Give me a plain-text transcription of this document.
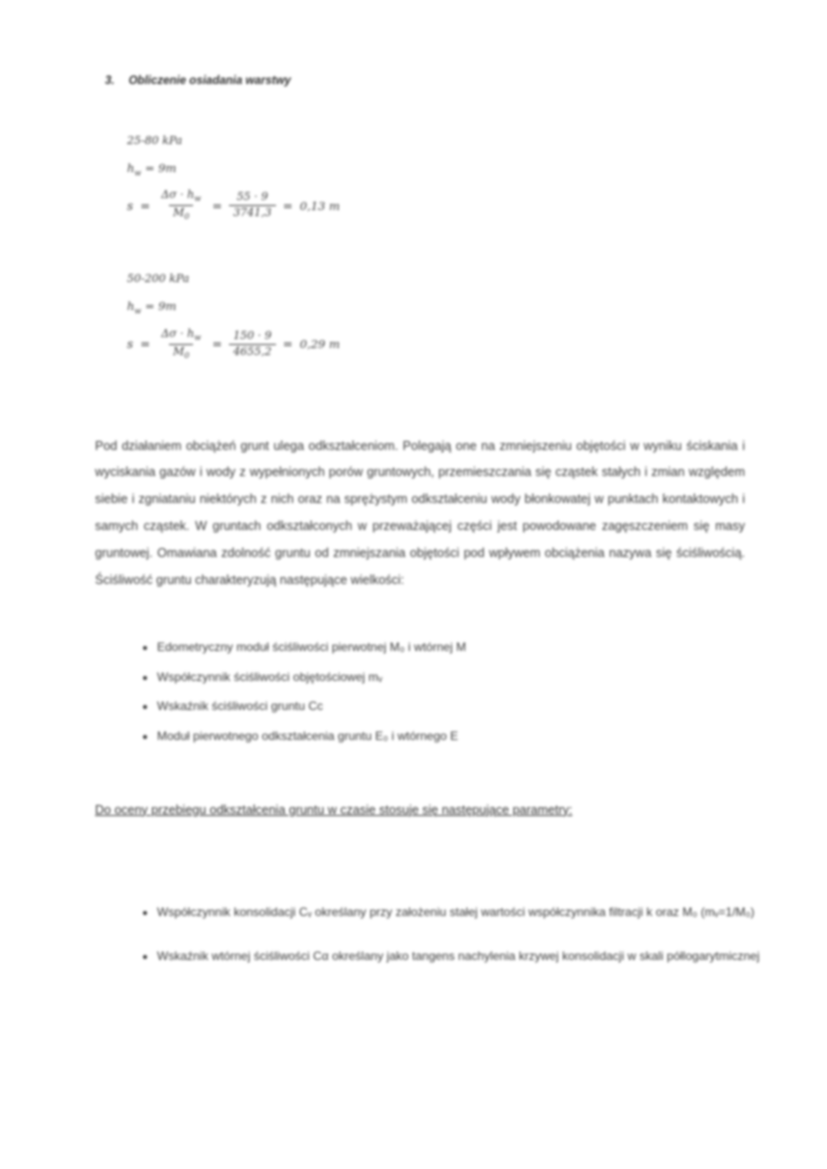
3. Obliczenie osiadania warstwy
25-80 kPa
$h_w = 9m$
$s = \frac{\Delta\sigma \cdot h_w}{M_0} = \frac{55 \cdot 9}{3741,3} = 0,13$ m
50-200 kPa
$h_w = 9m$
$s = \frac{\Delta\sigma \cdot h_w}{M_0} = \frac{150 \cdot 9}{4655,2} = 0,29$ m

Pod działaniem obciążeń grunt ulega odkształceniom. Polegają one na zmniejszeniu objętości w wyniku ściskania i wyciskania gazów i wody z wypełnionych porów gruntowych, przemieszczania się cząstek stałych i zmian względem siebie i zgniataniu niektórych z nich oraz na sprężystym odkształceniu wody błonkowatej w punktach kontaktowych i samych cząstek. W gruntach odkształconych w przeważającej części jest powodowane zagęszczeniem się masy gruntowej. Omawiana zdolność gruntu od zmniejszania objętości pod wpływem obciążenia nazywa się ściśliwością. Ściśliwość gruntu charakteryzują następujące wielkości:

• Edometryczny moduł ściśliwości pierwotnej M₀ i wtórnej M
• Współczynnik ściśliwości objętościowej mᵥ
• Wskaźnik ściśliwości gruntu Cc
• Moduł pierwotnego odkształcenia gruntu E₀ i wtórnego E

Do oceny przebiegu odkształcenia gruntu w czasie stosuje się następujące parametry:

• Współczynnik konsolidacji Cᵥ określany przy założeniu stałej wartości współczynnika filtracji k oraz M₀ (mᵥ=1/M₀)
• Wskaźnik wtórnej ściśliwości Cα określany jako tangens nachylenia krzywej konsolidacji w skali półlogarytmicznej
